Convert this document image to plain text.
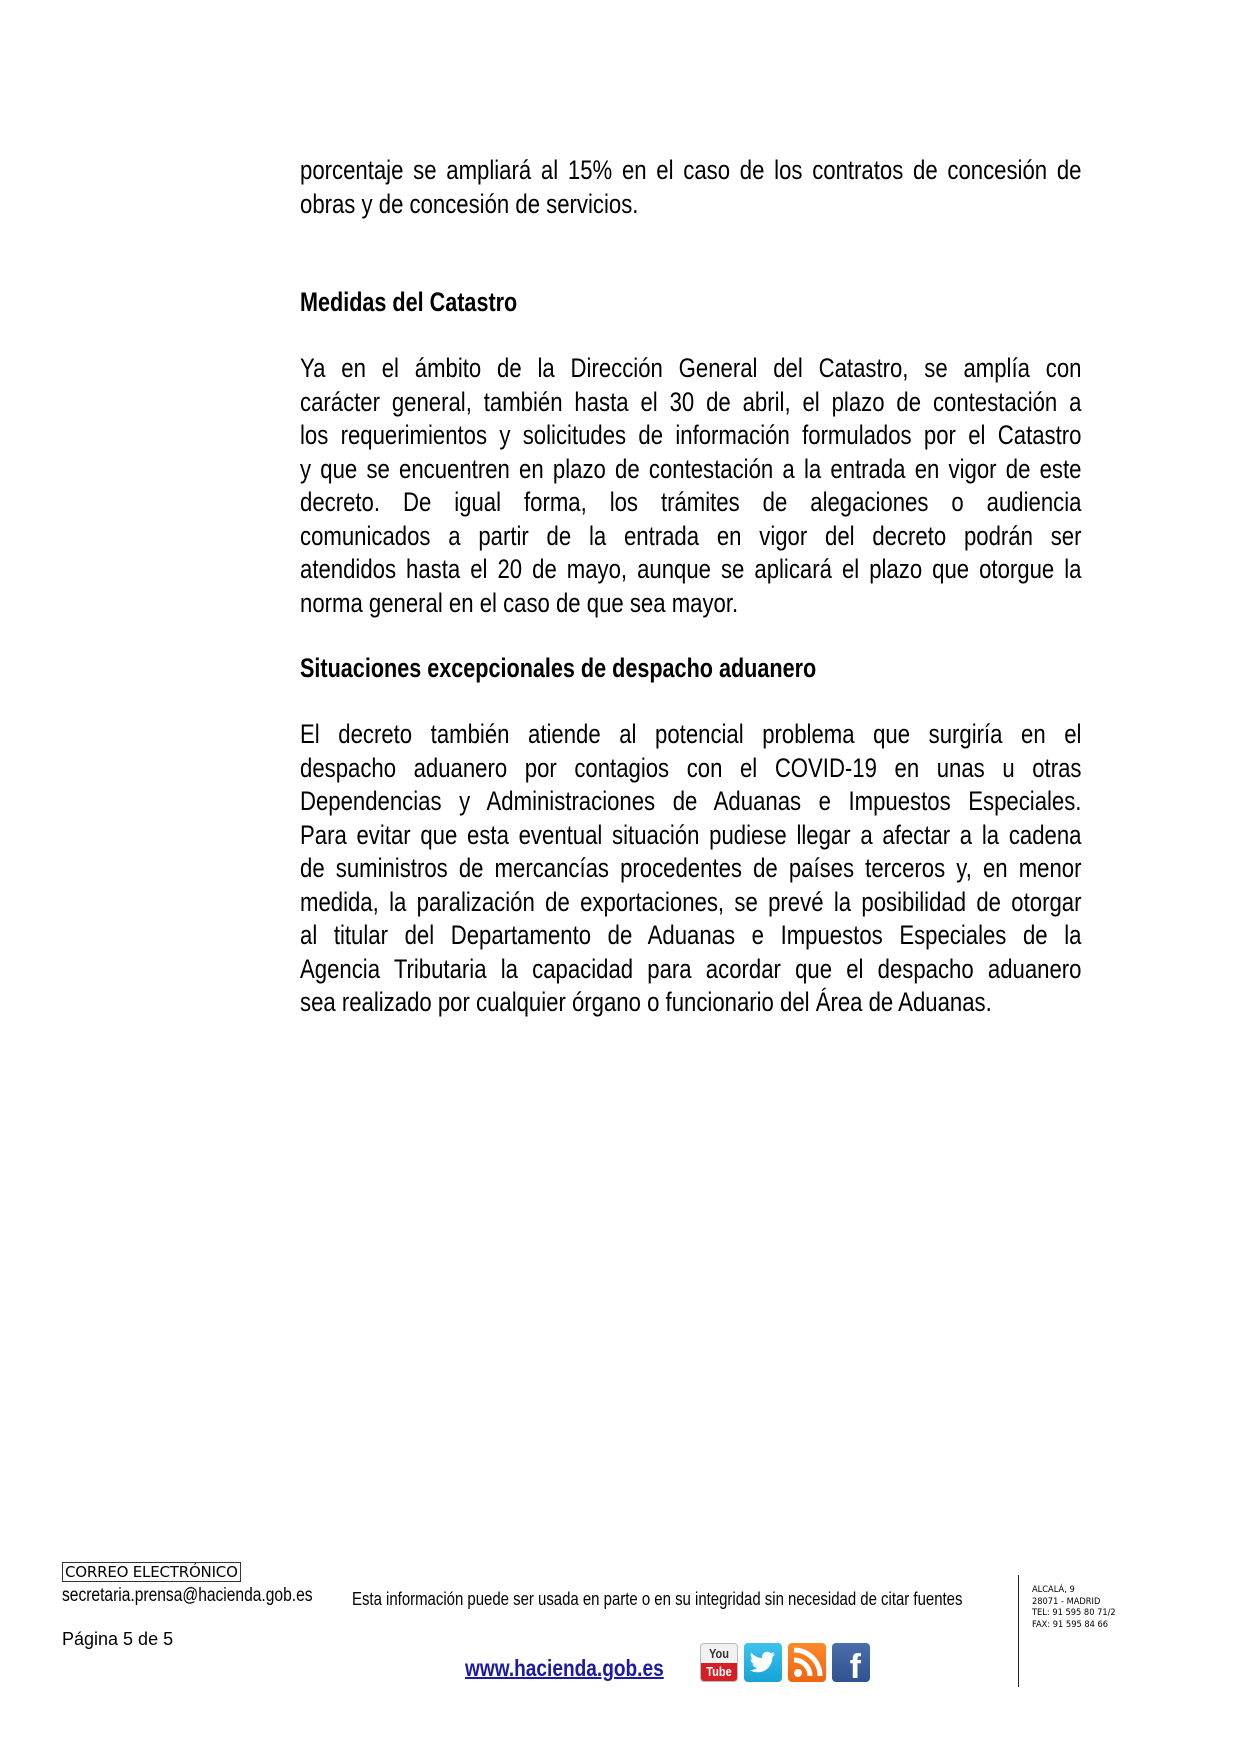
porcentaje se ampliará al 15% en el caso de los contratos de concesión de
obras y de concesión de servicios.
Medidas del Catastro
Ya en el ámbito de la Dirección General del Catastro, se amplía con
carácter general, también hasta el 30 de abril, el plazo de contestación a
los requerimientos y solicitudes de información formulados por el Catastro
y que se encuentren en plazo de contestación a la entrada en vigor de este
decreto. De igual forma, los trámites de alegaciones o audiencia
comunicados a partir de la entrada en vigor del decreto podrán ser
atendidos hasta el 20 de mayo, aunque se aplicará el plazo que otorgue la
norma general en el caso de que sea mayor.
Situaciones excepcionales de despacho aduanero
El decreto también atiende al potencial problema que surgiría en el
despacho aduanero por contagios con el COVID-19 en unas u otras
Dependencias y Administraciones de Aduanas e Impuestos Especiales.
Para evitar que esta eventual situación pudiese llegar a afectar a la cadena
de suministros de mercancías procedentes de países terceros y, en menor
medida, la paralización de exportaciones, se prevé la posibilidad de otorgar
al titular del Departamento de Aduanas e Impuestos Especiales de la
Agencia Tributaria la capacidad para acordar que el despacho aduanero
sea realizado por cualquier órgano o funcionario del Área de Aduanas.
CORREO ELECTRÓNICO
secretaria.prensa@hacienda.gob.es
Página 5 de 5
Esta información puede ser usada en parte o en su integridad sin necesidad de citar fuentes
www.hacienda.gob.es
You
Tube	f
ALCALÁ, 9
28071 - MADRID
TEL: 91 595 80 71/2
FAX: 91 595 84 66
